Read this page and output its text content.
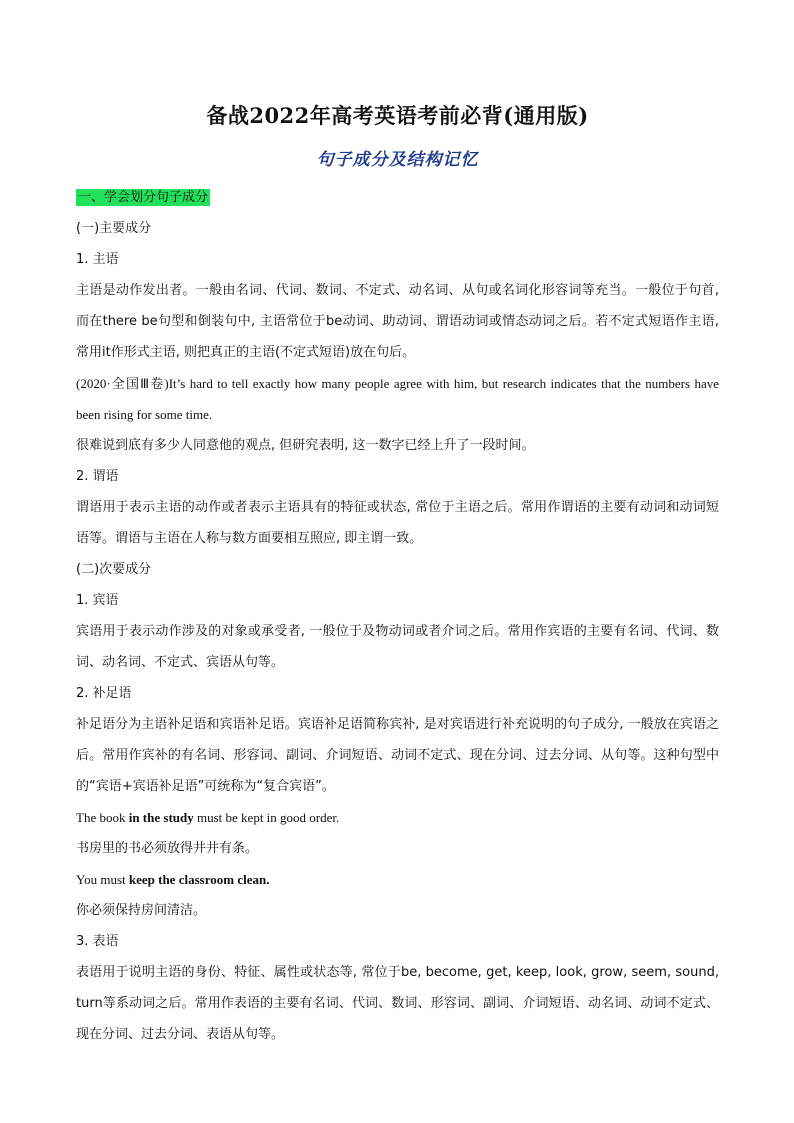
备战2022年高考英语考前必背(通用版)
句子成分及结构记忆
一、学会划分句子成分
(一)主要成分
1. 主语
主语是动作发出者。一般由名词、代词、数词、不定式、动名词、从句或名词化形容词等充当。一般位于句首, 而在there be句型和倒装句中, 主语常位于be动词、助动词、谓语动词或情态动词之后。若不定式短语作主语, 常用it作形式主语, 则把真正的主语(不定式短语)放在句后。
(2020·全国Ⅲ卷)It’s hard to tell exactly how many people agree with him, but research indicates that the numbers have been rising for some time.
很难说到底有多少人同意他的观点, 但研究表明, 这一数字已经上升了一段时间。
2. 谓语
谓语用于表示主语的动作或者表示主语具有的特征或状态, 常位于主语之后。常用作谓语的主要有动词和动词短语等。谓语与主语在人称与数方面要相互照应, 即主谓一致。
(二)次要成分
1. 宾语
宾语用于表示动作涉及的对象或承受者, 一般位于及物动词或者介词之后。常用作宾语的主要有名词、代词、数词、动名词、不定式、宾语从句等。
2. 补足语
补足语分为主语补足语和宾语补足语。宾语补足语简称宾补, 是对宾语进行补充说明的句子成分, 一般放在宾语之后。常用作宾补的有名词、形容词、副词、介词短语、动词不定式、现在分词、过去分词、从句等。这种句型中的“宾语+宾语补足语”可统称为“复合宾语”。
The book in the study must be kept in good order.
书房里的书必须放得井井有条。
You must keep the classroom clean.
你必须保持房间清洁。
3. 表语
表语用于说明主语的身份、特征、属性或状态等, 常位于be, become, get, keep, look, grow, seem, sound, turn等系动词之后。常用作表语的主要有名词、代词、数词、形容词、副词、介词短语、动名词、动词不定式、现在分词、过去分词、表语从句等。
